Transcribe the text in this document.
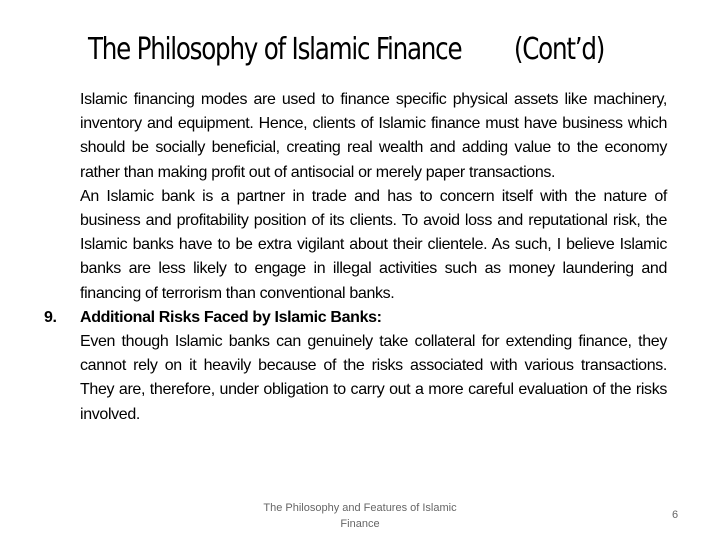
The Philosophy of Islamic Finance (Cont’d)

Islamic financing modes are used to finance specific physical assets like machinery, inventory and equipment. Hence, clients of Islamic finance must have business which should be socially beneficial, creating real wealth and adding value to the economy rather than making profit out of antisocial or merely paper transactions.

An Islamic bank is a partner in trade and has to concern itself with the nature of business and profitability position of its clients. To avoid loss and reputational risk, the Islamic banks have to be extra vigilant about their clientele. As such, I believe Islamic banks are less likely to engage in illegal activities such as money laundering and financing of terrorism than conventional banks.

9. Additional Risks Faced by Islamic Banks:

Even though Islamic banks can genuinely take collateral for extending finance, they cannot rely on it heavily because of the risks associated with various transactions. They are, therefore, under obligation to carry out a more careful evaluation of the risks involved.

The Philosophy and Features of Islamic Finance
6
